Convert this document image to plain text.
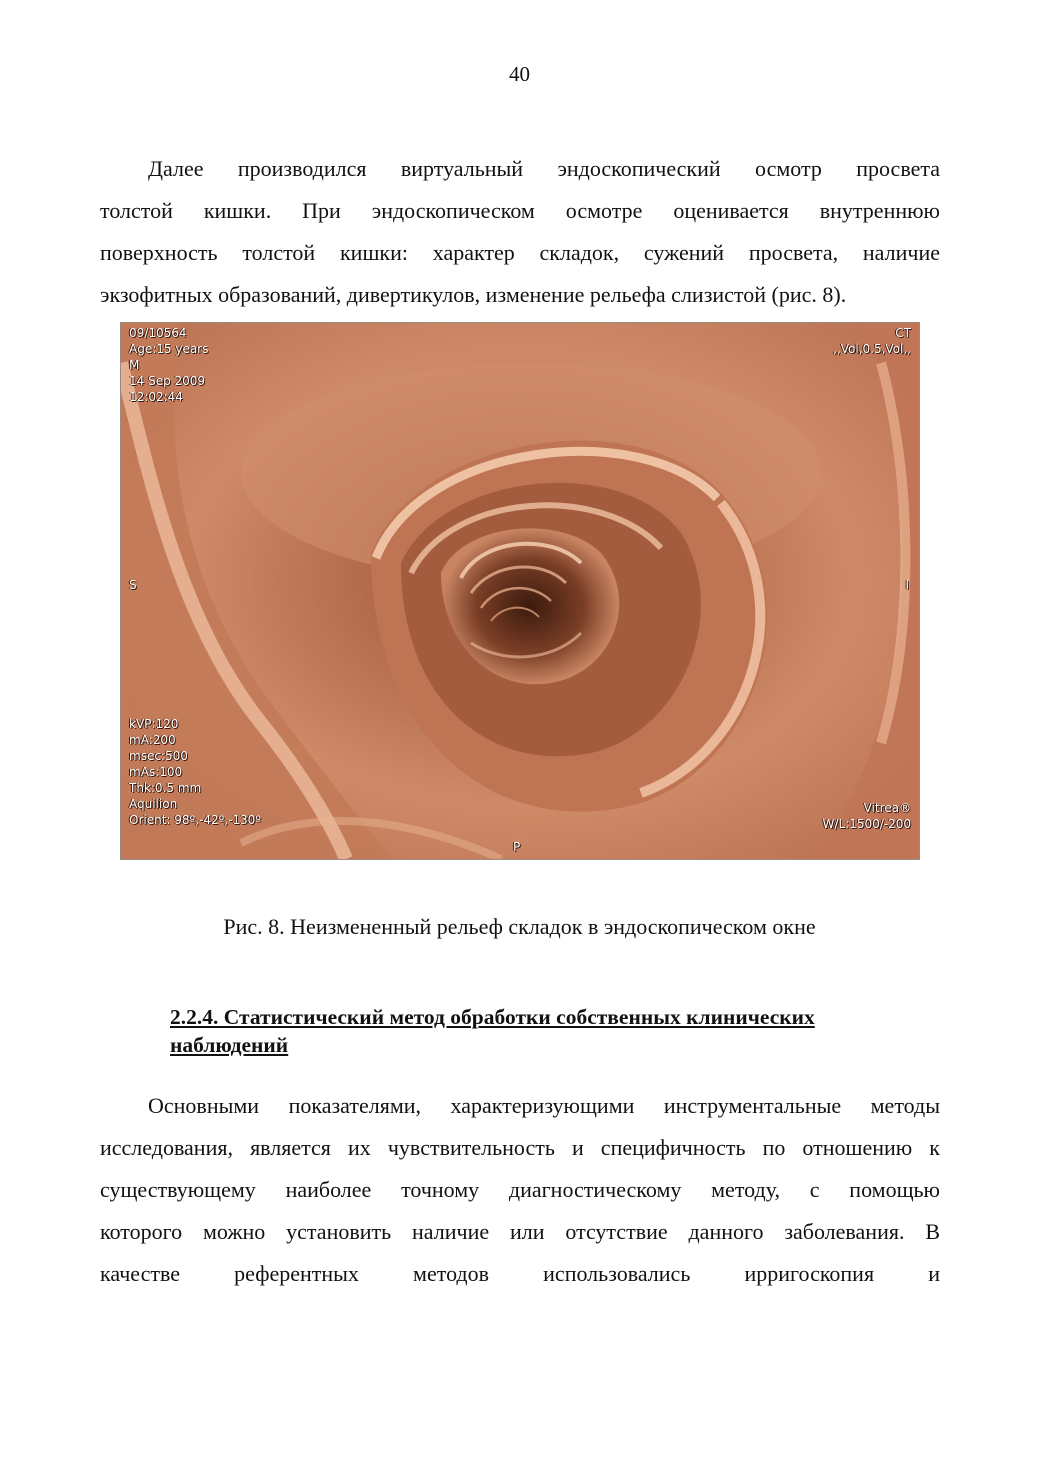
40
Далее производился виртуальный эндоскопический осмотр просвета
толстой кишки. При эндоскопическом осмотре оценивается внутреннюю
поверхность толстой кишки: характер складок, сужений просвета, наличие
экзофитных образований, дивертикулов, изменение рельефа слизистой (рис. 8).
09/10564
Age:15 years
M
14 Sep 2009
12:02:44
CT
,,Vol,0.5,Vol,,
S	I
kVP:120
mA:200
msec:500
mAs:100
Thk:0.5 mm
Aquilion
Orient: 98º,-42º,-130º
Vitrea®
W/L:1500/-200
P
Рис. 8. Неизмененный рельеф складок в эндоскопическом окне
2.2.4. Статистический метод обработки собственных клинических
наблюдений
Основными показателями, характеризующими инструментальные методы
исследования, является их чувствительность и специфичность по отношению к
существующему наиболее точному диагностическому методу, с помощью
которого можно установить наличие или отсутствие данного заболевания. В
качестве референтных методов использовались ирригоскопия и
